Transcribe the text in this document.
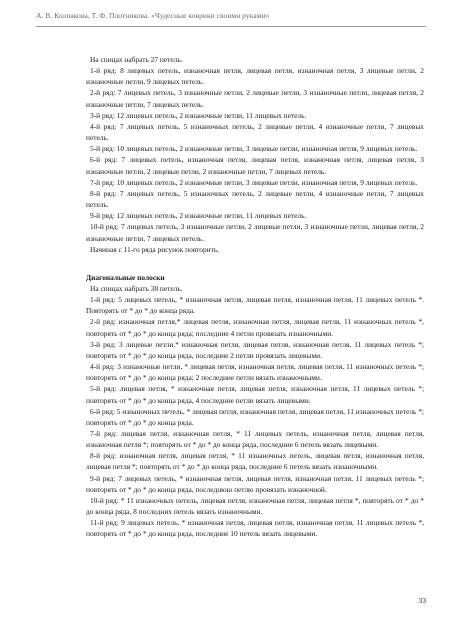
А. В. Колпакова, Т. Ф. Плотникова. «Чудесные коврики своими руками»

На спицах набрать 27 петель.

1-й ряд: 8 лицевых петель, изнаночная петля, лицевая петля, изнаночная петля, 3 лицевые петли, 2 изнаночные петли, 9 лицевых петель.

2-й ряд: 7 лицевых петель, 3 изнаночные петли, 2 лицевые петли, 3 изнаночные петли, лицевая петля, 2 изнаночные петли, 7 лицевых петель.

3-й ряд: 12 лицевых петель, 2 изнаночные петли, 11 лицевых петель.

4-й ряд: 7 лицевых петель, 5 изнаночных петель, 2 лицевые петли, 4 изнаночные петли, 7 лицевых петель.

5-й ряд: 10 лицевых петель, 2 изнаночные петли, 3 лицевые петли, изнаночная петля, 9 лицевых петель.

6-й ряд: 7 лицевых петель, изнаночная петля, лицевая петля, изнаночная петля, лицевая петля, 3 изнаночные петли, 2 лицевые петли, 2 изнаночные петли, 7 лицевых петель.

7-й ряд: 10 лицевых петель, 2 изнаночные петли, 3 лицевые петли, изнаночная петля, 9 лицевых петель.

8-й ряд: 7 лицевых петель, 5 изнаночных петель, 2 лицевые петли, 4 изнаночные петли, 7 лицевых петель.

9-й ряд: 12 лицевых петель, 2 изнаночные петли, 11 лицевых петель.

10-й ряд: 7 лицевых петель, 3 изнаночные петли, 2 лицевые петли, 3 изнаночные петли, лицевая петля, 2 изнаночные петли, 7 лицевых петель.

Начиная с 11-го ряда рисунок повторить.

Диагональные полоски

На спицах набрать 38 петель.

1-й ряд: 5 лицевых петель, * изнаночная петля, лицевая петля, изнаночная петля, 11 лицевых петель *. Повторять от * до * до конца ряда.

2-й ряд: изнаночная петля,* лицевая петля, изнаночная петля, лицевая петля, 11 изнаночных петель *, повторять от * до * до конца ряда; последние 4 петли провязать изнаночными.

3-й ряд: 3 лицевые петли,* изнаночная петля, лицевая петля, изнаночная петля, 11 лицевых петель *; повторять от * до * до конца ряда, последние 2 петли провязать лицевыми.

4-й ряд: 3 изнаночные петли, * лицевая петля, изнаночная петля, лицевая петля, 11 изнаночных петель *; повторять от * до * до конца ряда; 2 последние петли вязать изнаночными.

5-й ряд: лицевая петля, * изнаночная петля, лицевая петля, изнаночная петля, 11 лицевых петель *; повторять от * до * до конца ряда, 4 последние петли вязать лицевыми.

6-й ряд: 5 изнаночных петель, * лицевая петля, изнаночная петля, лицевая петля, 11 изнаночных петель *; повторять от * до * до конца ряда.

7-й ряд: лицевая петля, изнаночная петля, * 11 лицевых петель, изнаночная петля, лицевая петля, изнаночная петля *; повторять от * до * до конца ряда, последние 6 петель вязать лицевыми.

8-й ряд: изнаночная петля, лицевая петля, * 11 изнаночных петель, лицевая петля, изнаночная петля, лицевая петля *; повторять от * до * до конца ряда, последние 6 петель вязать изнаночными.

9-й ряд: 7 лицевых петель, * изнаночная петля, лицевая петля, изнаночная петля, 11 лицевых петель *; повторять от * до * до конца ряда, последнюю петлю провязать изнаночной.

10-й ряд: * 11 изнаночных петель, лицевая петля, изнаночная петля, лицевая петля *, повторять от * до * до конца ряда, 8 последних петель вязать изнаночными.

11-й ряд: 9 лицевых петель, * изнаночная петля, лицевая петля, изнаночная петля, 11 лицевых петель *, повторять от * до * до конца ряда, последние 10 петель вязать лицевыми.

33
